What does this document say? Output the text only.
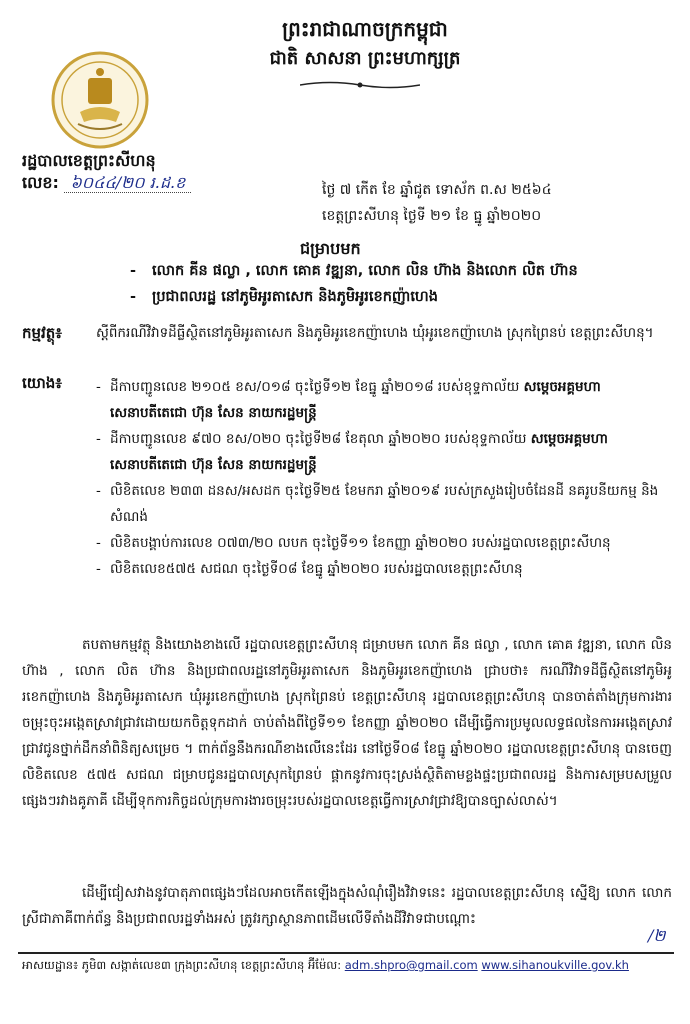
ព្រះរាជាណាចក្រកម្ពុជា
ជាតិ សាសនា ព្រះមហាក្សត្រ
រដ្ឋបាលខេត្តព្រះសីហនុ
លេខ: ៦០៤៤/២០ រ.ដ.ខ	ថ្ងៃ ៧ កើត ខែ ឆ្នាំជូត ទោស័ក ព.ស ២៥៦៤
ខេត្តព្រះសីហនុ ថ្ងៃទី ២១ ខែ ធ្នូ ឆ្នាំ២០២០
ជម្រាបមក
- លោក គីន ផល្លា , លោក គោគ វឌ្ឍនា, លោក លិន ហ៊ាង និងលោក លិត ហ៊ាន
- ប្រជាពលរដ្ឋ នៅភូមិអូរតាសេក និងភូមិអូរខេកញ៉ាហេង
កម្មវត្ថុ៖	ស្ដីពីករណីវិវាទដីធ្លីស្ថិតនៅភូមិអូរតាសេក និងភូមិអូរខេកញ៉ាហេង ឃុំអូរខេកញ៉ាហេង ស្រុកព្រៃនប់ ខេត្តព្រះសីហនុ។
យោង៖
-	ដីកាបញ្ជូនលេខ ២១០៥ ខស/០១៨ ចុះថ្ងៃទី១២ ខែធ្នូ ឆ្នាំ២០១៨ របស់ខុទ្ទកាល័យ សម្ដេចអគ្គមហាសេនាបតីតេជោ ហ៊ុន សែន នាយករដ្ឋមន្ត្រី
- ដីកាបញ្ជូនលេខ ៩៧០ ខស/០២០ ចុះថ្ងៃទី២៨ ខែតុលា ឆ្នាំ២០២០ របស់ខុទ្ទកាល័យ សម្ដេចអគ្គមហាសេនាបតីតេជោ ហ៊ុន សែន នាយករដ្ឋមន្ត្រី
- លិខិតលេខ ២៣៣ ដនស/អសដក ចុះថ្ងៃទី២៥ ខែមករា ឆ្នាំ២០១៩ របស់ក្រសួងរៀបចំដែនដី នគរូបនីយកម្ម និងសំណង់
- លិខិតបង្គាប់ការលេខ ០៧៣/២០ លបក ចុះថ្ងៃទី១១ ខែកញ្ញា ឆ្នាំ២០២០ របស់រដ្ឋបាលខេត្តព្រះសីហនុ
- លិខិតលេខ៥៧៥ សជណ ចុះថ្ងៃទី០៨ ខែធ្នូ ឆ្នាំ២០២០ របស់រដ្ឋបាលខេត្តព្រះសីហនុ

តបតាមកម្មវត្ថុ និងយោងខាងលើ រដ្ឋបាលខេត្តព្រះសីហនុ ជម្រាបមក លោក គីន ផល្លា , លោក គោគ វឌ្ឍនា, លោក លិន ហ៊ាង , លោក លិត ហ៊ាន និងប្រជាពលរដ្ឋនៅភូមិអូរតាសេក និងភូមិអូរខេកញ៉ាហេង ជ្រាបថា៖ ករណីវិវាទដីធ្លីស្ថិតនៅភូមិអូរខេកញ៉ាហេង និងភូមិអូរតាសេក ឃុំអូរខេកញ៉ាហេង ស្រុកព្រៃនប់ ខេត្តព្រះសីហនុ រដ្ឋបាលខេត្តព្រះសីហនុ បានចាត់តាំងក្រុមការងារចម្រុះចុះអង្កេតស្រាវជ្រាវដោយយកចិត្តទុកដាក់ ចាប់តាំងពីថ្ងៃទី១១ ខែកញ្ញា ឆ្នាំ២០២០ ដើម្បីធ្វើការប្រមូលលទ្ធផលនៃការអង្កេតស្រាវជ្រាវជូនថ្នាក់ដឹកនាំពិនិត្យសម្រេច ។ ពាក់ព័ន្ធនឹងករណីខាងលើនេះដែរ នៅថ្ងៃទី០៨ ខែធ្នូ ឆ្នាំ២០២០ រដ្ឋបាលខេត្តព្រះសីហនុ បានចេញលិខិតលេខ ៥៧៥ សជណ ជម្រាបជូនរដ្ឋបាលស្រុកព្រៃនប់ ផ្ដាកនូវការចុះស្រង់ស្ថិតិតាមខ្លងផ្ទះប្រជាពលរដ្ឋ និងការសម្របសម្រួលផ្សេងៗរវាងគូភាគី ដើម្បីទុកការកិច្ចដល់ក្រុមការងារចម្រុះរបស់រដ្ឋបាលខេត្តធ្វើការស្រាវជ្រាវឱ្យបានច្បាស់លាស់។

ដើម្បីជៀសវាងនូវបាតុភាពផ្សេងៗដែលអាចកើតឡើងក្នុងសំណុំរឿងវិវាទនេះ រដ្ឋបាលខេត្តព្រះសីហនុ ស្នើឱ្យ លោក លោកស្រីជាភាគីពាក់ព័ន្ធ និងប្រជាពលរដ្ឋទាំងអស់ ត្រូវរក្សាស្ថានភាពដើមលើទីតាំងដីវិវាទជាបណ្ដោះ

/២
អាសយដ្ឋាន៖ ភូមិ៣ សង្កាត់លេខ៣ ក្រុងព្រះសីហនុ ខេត្តព្រះសីហនុ អ៊ីម៉ែល: adm.shpro@gmail.com www.sihanoukville.gov.kh
